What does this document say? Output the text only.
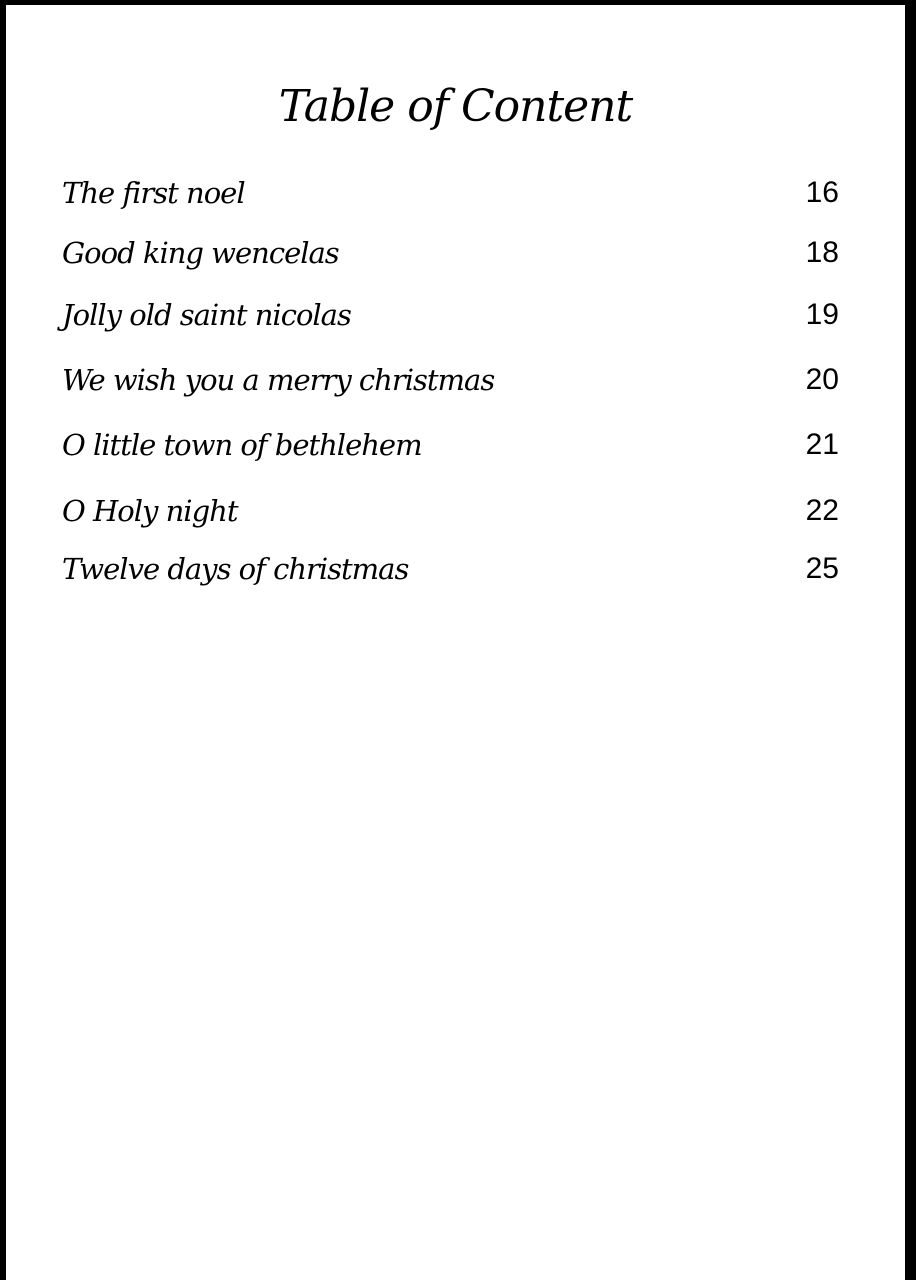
Table of Content
The first noel	16
Good king wencelas	18
Jolly old saint nicolas	19
We wish you a merry christmas	20
O little town of bethlehem	21
O Holy night	22
Twelve days of christmas	25
